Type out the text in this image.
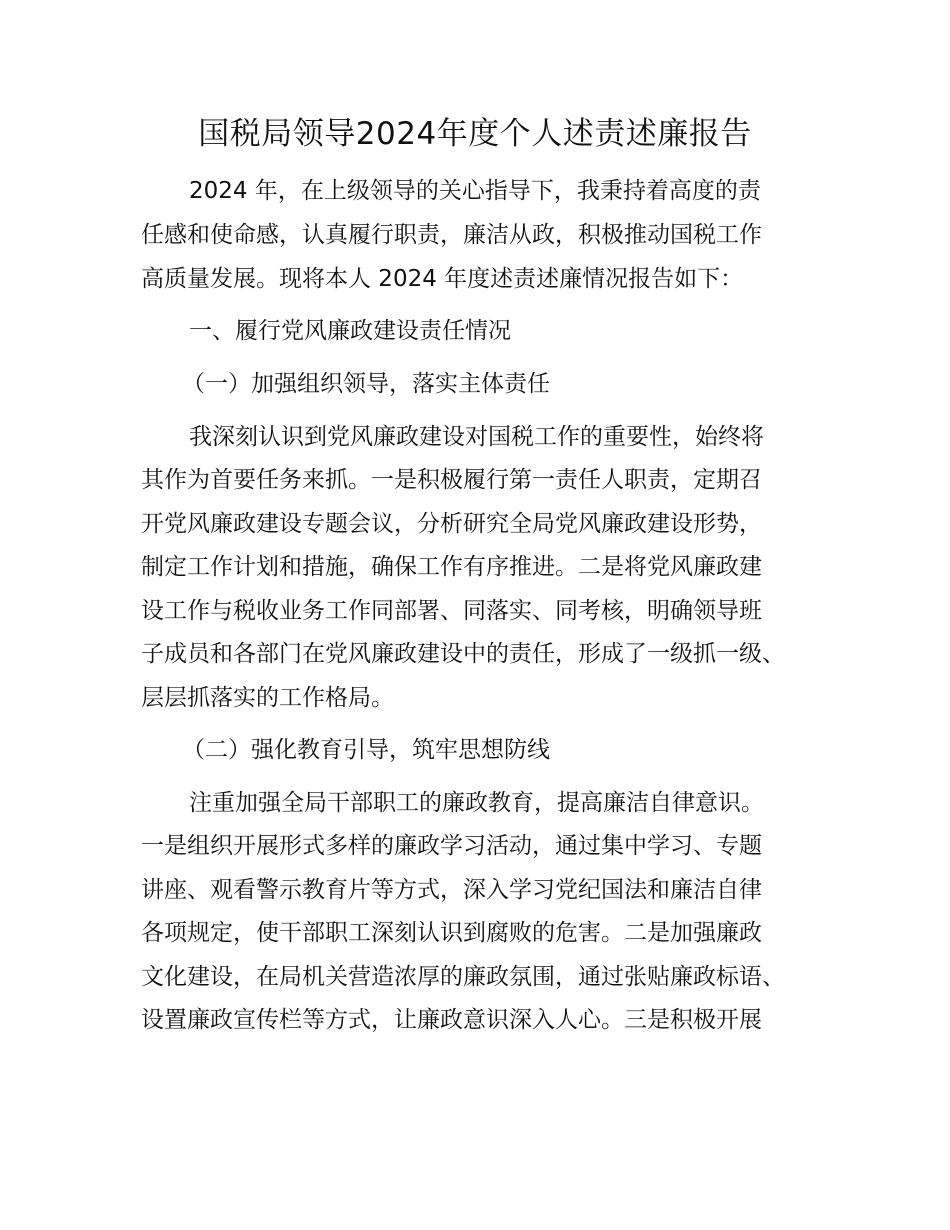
国税局领导2024年度个人述责述廉报告
2024 年，在上级领导的关心指导下，我秉持着高度的责
任感和使命感，认真履行职责，廉洁从政，积极推动国税工作
高质量发展。现将本人 2024 年度述责述廉情况报告如下：
一、履行党风廉政建设责任情况
（一）加强组织领导，落实主体责任
我深刻认识到党风廉政建设对国税工作的重要性，始终将
其作为首要任务来抓。一是积极履行第一责任人职责，定期召
开党风廉政建设专题会议，分析研究全局党风廉政建设形势，
制定工作计划和措施，确保工作有序推进。二是将党风廉政建
设工作与税收业务工作同部署、同落实、同考核，明确领导班
子成员和各部门在党风廉政建设中的责任，形成了一级抓一级、
层层抓落实的工作格局。
（二）强化教育引导，筑牢思想防线
注重加强全局干部职工的廉政教育，提高廉洁自律意识。
一是组织开展形式多样的廉政学习活动，通过集中学习、专题
讲座、观看警示教育片等方式，深入学习党纪国法和廉洁自律
各项规定，使干部职工深刻认识到腐败的危害。二是加强廉政
文化建设，在局机关营造浓厚的廉政氛围，通过张贴廉政标语、
设置廉政宣传栏等方式，让廉政意识深入人心。三是积极开展
